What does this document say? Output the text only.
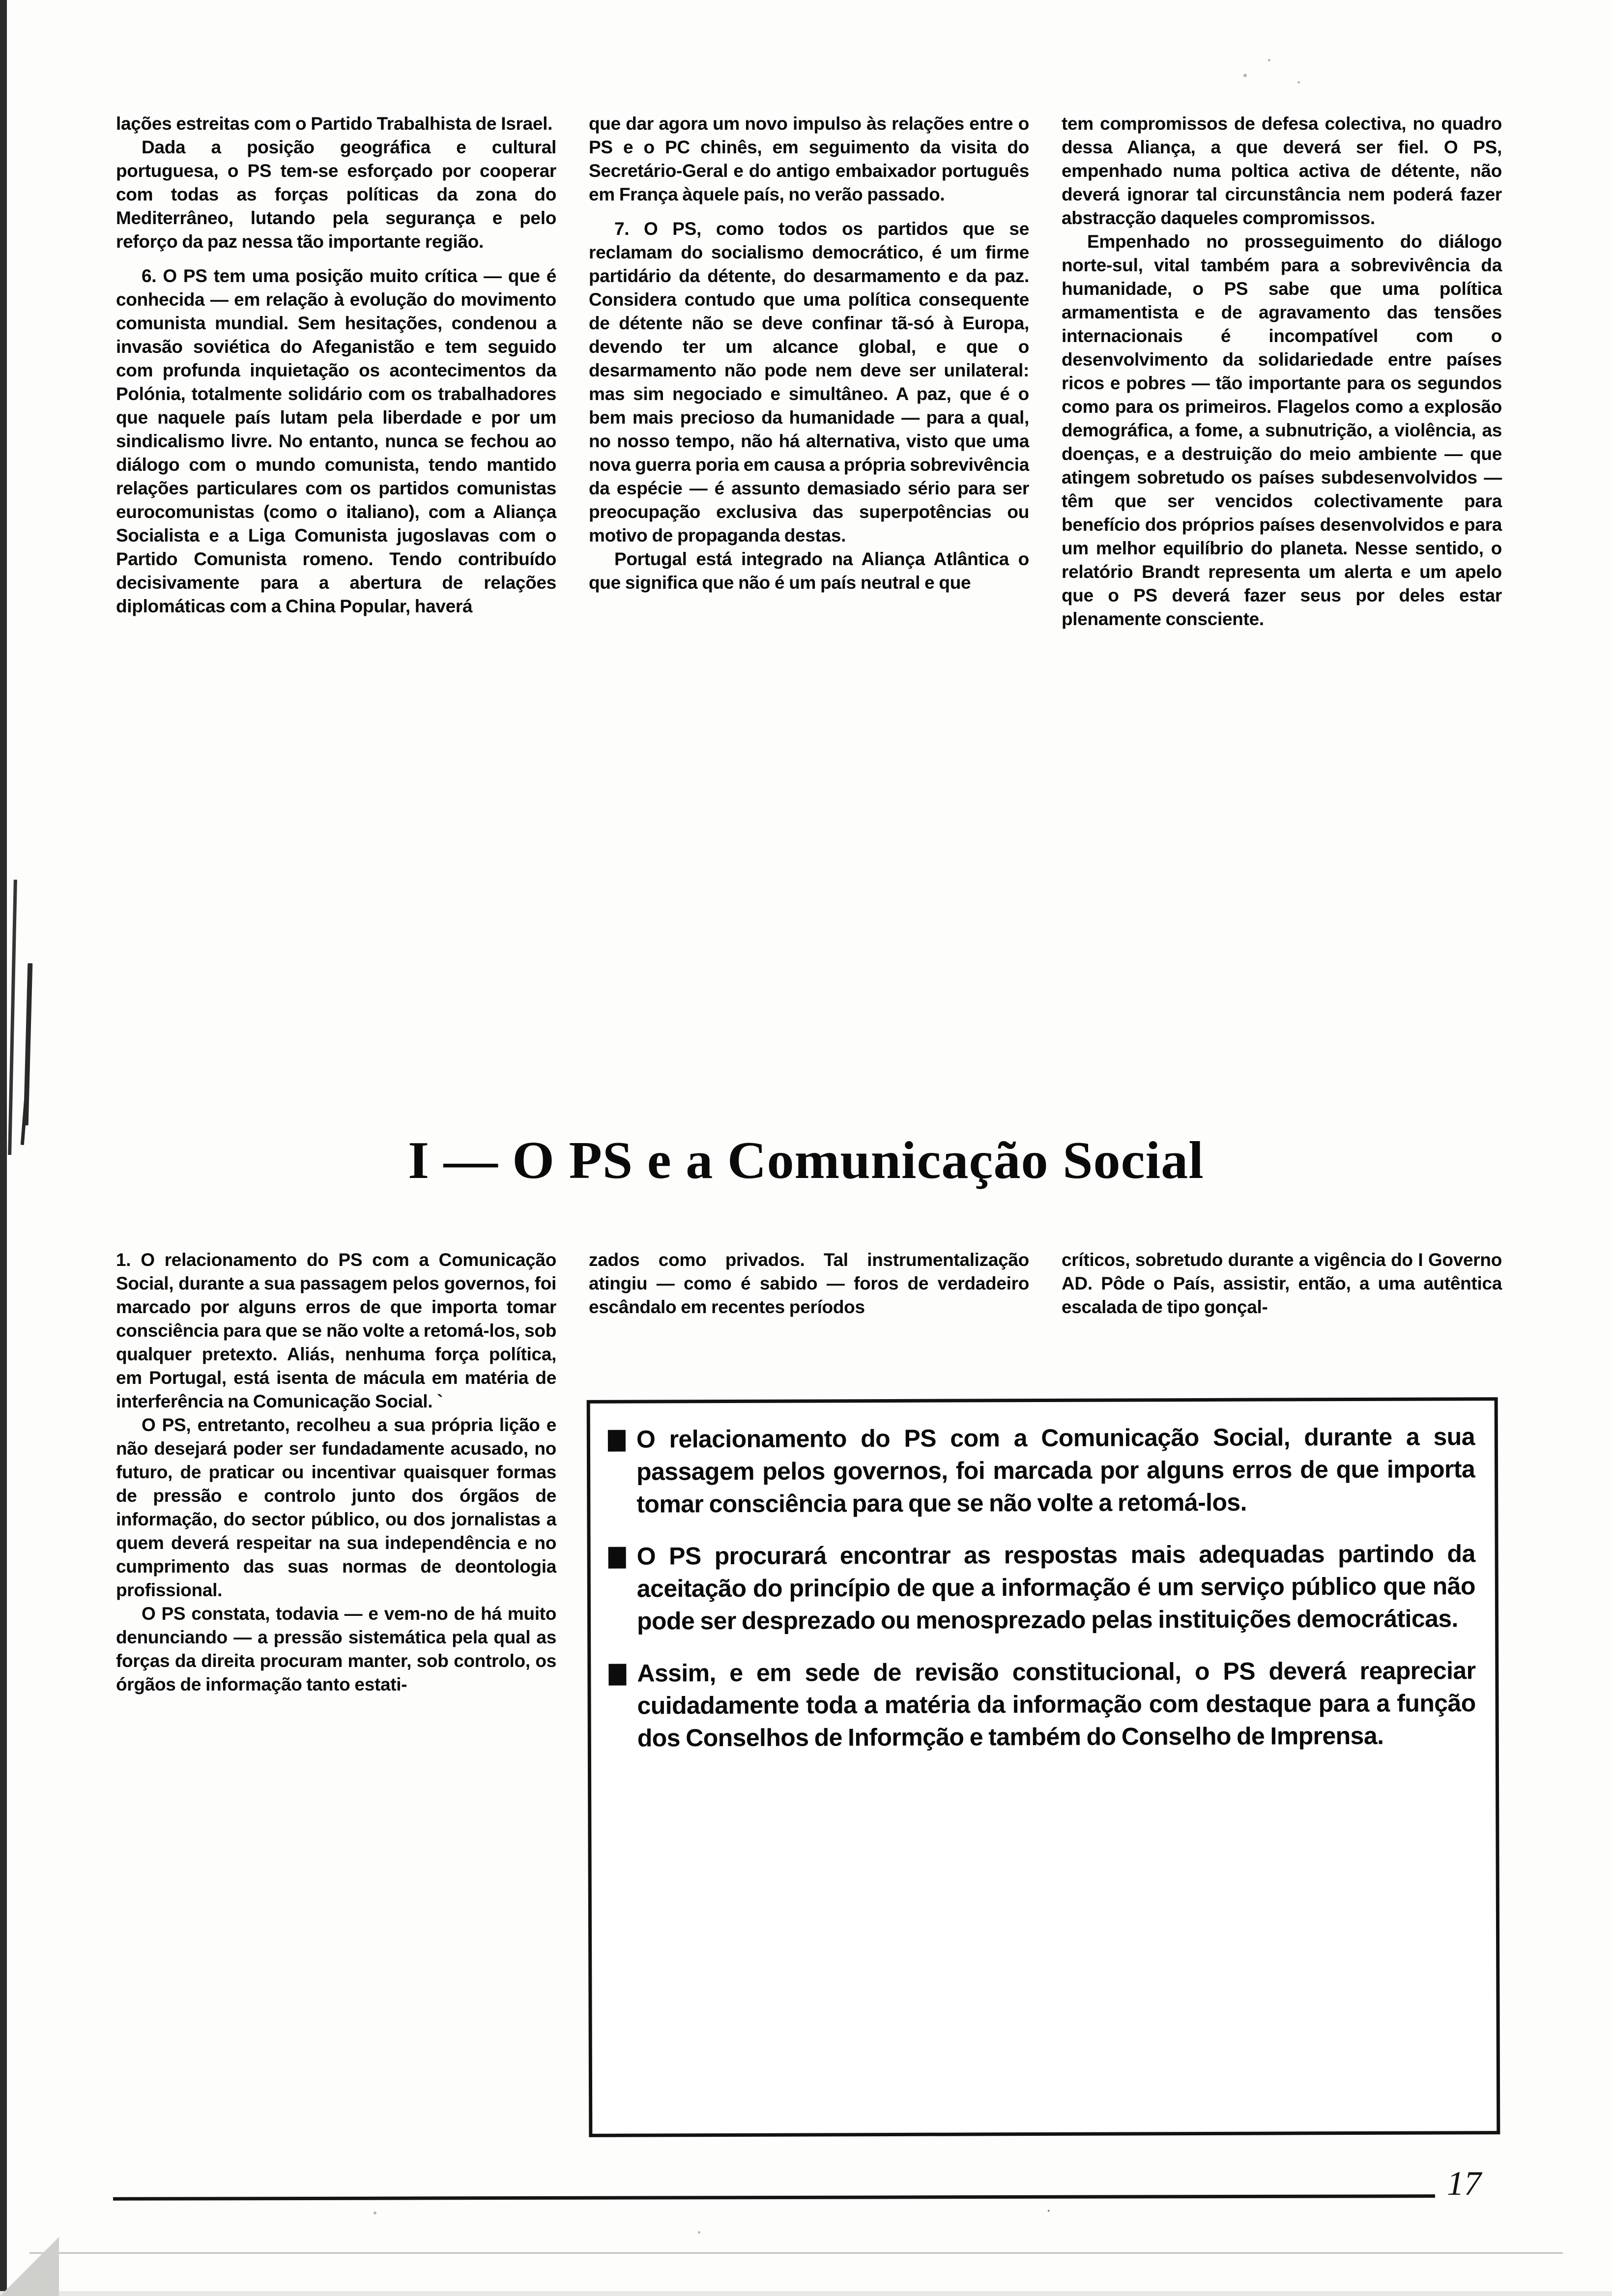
lações estreitas com o Partido Trabalhista de Israel.

Dada a posição geográfica e cultural portuguesa, o PS tem-se esforçado por cooperar com todas as forças políticas da zona do Mediterrâneo, lutando pela segurança e pelo reforço da paz nessa tão importante região.

6. O PS tem uma posição muito crítica — que é conhecida — em relação à evolução do movimento comunista mundial. Sem hesitações, condenou a invasão soviética do Afeganistão e tem seguido com profunda inquietação os acontecimentos da Polónia, totalmente solidário com os trabalhadores que naquele país lutam pela liberdade e por um sindicalismo livre. No entanto, nunca se fechou ao diálogo com o mundo comunista, tendo mantido relações particulares com os partidos comunistas eurocomunistas (como o italiano), com a Aliança Socialista e a Liga Comunista jugoslavas com o Partido Comunista romeno. Tendo contribuído decisivamente para a abertura de relações diplomáticas com a China Popular, haverá

que dar agora um novo impulso às relações entre o PS e o PC chinês, em seguimento da visita do Secretário-Geral e do antigo embaixador português em França àquele país, no verão passado.

7. O PS, como todos os partidos que se reclamam do socialismo democrático, é um firme partidário da détente, do desarmamento e da paz. Considera contudo que uma política consequente de détente não se deve confinar tã-só à Europa, devendo ter um alcance global, e que o desarmamento não pode nem deve ser unilateral: mas sim negociado e simultâneo. A paz, que é o bem mais precioso da humanidade — para a qual, no nosso tempo, não há alternativa, visto que uma nova guerra poria em causa a própria sobrevivência da espécie — é assunto demasiado sério para ser preocupação exclusiva das superpotências ou motivo de propaganda destas.

Portugal está integrado na Aliança Atlântica o que significa que não é um país neutral e que

tem compromissos de defesa colectiva, no quadro dessa Aliança, a que deverá ser fiel. O PS, empenhado numa poltica activa de détente, não deverá ignorar tal circunstância nem poderá fazer abstracção daqueles compromissos.

Empenhado no prosseguimento do diálogo norte-sul, vital também para a sobrevivência da humanidade, o PS sabe que uma política armamentista e de agravamento das tensões internacionais é incompatível com o desenvolvimento da solidariedade entre países ricos e pobres — tão importante para os segundos como para os primeiros. Flagelos como a explosão demográfica, a fome, a subnutrição, a violência, as doenças, e a destruição do meio ambiente — que atingem sobretudo os países subdesenvolvidos — têm que ser vencidos colectivamente para benefício dos próprios países desenvolvidos e para um melhor equilíbrio do planeta. Nesse sentido, o relatório Brandt representa um alerta e um apelo que o PS deverá fazer seus por deles estar plenamente consciente.

I — O PS e a Comunicação Social

1. O relacionamento do PS com a Comunicação Social, durante a sua passagem pelos governos, foi marcado por alguns erros de que importa tomar consciência para que se não volte a retomá-los, sob qualquer pretexto. Aliás, nenhuma força política, em Portugal, está isenta de mácula em matéria de interferência na Comunicação Social. `

O PS, entretanto, recolheu a sua própria lição e não desejará poder ser fundadamente acusado, no futuro, de praticar ou incentivar quaisquer formas de pressão e controlo junto dos órgãos de informação, do sector público, ou dos jornalistas a quem deverá respeitar na sua independência e no cumprimento das suas normas de deontologia profissional.

O PS constata, todavia — e vem-no de há muito denunciando — a pressão sistemática pela qual as forças da direita procuram manter, sob controlo, os órgãos de informação tanto estati-

zados como privados. Tal instrumentalização atingiu — como é sabido — foros de verdadeiro escândalo em recentes períodos

críticos, sobretudo durante a vigência do I Governo AD. Pôde o País, assistir, então, a uma autêntica escalada de tipo gonçal-

O relacionamento do PS com a Comunicação Social, durante a sua passagem pelos governos, foi marcada por alguns erros de que importa tomar consciência para que se não volte a retomá-los.
O PS procurará encontrar as respostas mais adequadas partindo da aceitação do princípio de que a informação é um serviço público que não pode ser desprezado ou menosprezado pelas instituições democráticas.
Assim, e em sede de revisão constitucional, o PS deverá reapreciar cuidadamente toda a matéria da informação com destaque para a função dos Conselhos de Informção e também do Conselho de Imprensa.
17
·
